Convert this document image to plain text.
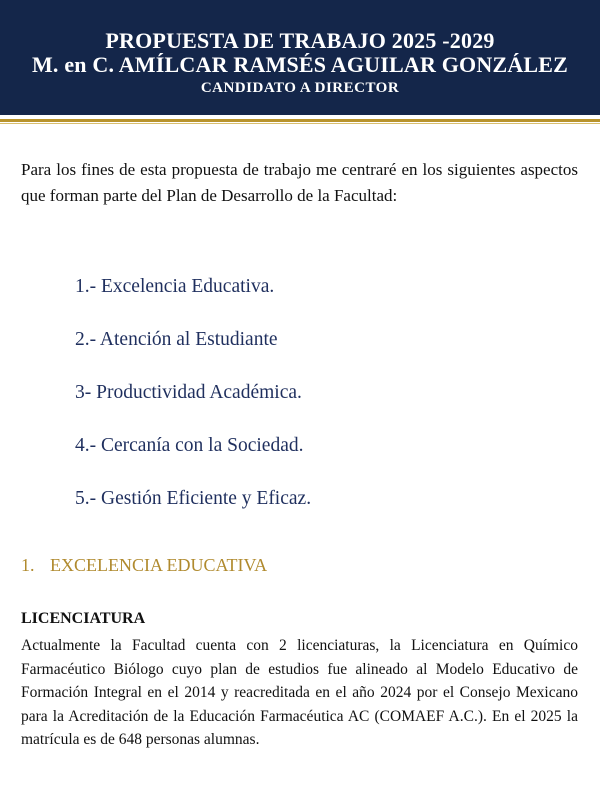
PROPUESTA DE TRABAJO 2025 -2029
M. en C. AMÍLCAR RAMSÉS AGUILAR GONZÁLEZ
CANDIDATO A DIRECTOR

Para los fines de esta propuesta de trabajo me centraré en los siguientes aspectos que forman parte del Plan de Desarrollo de la Facultad:

1.- Excelencia Educativa.
2.- Atención al Estudiante
3- Productividad Académica.
4.- Cercanía con la Sociedad.
5.- Gestión Eficiente y Eficaz.
1. EXCELENCIA EDUCATIVA
LICENCIATURA

Actualmente la Facultad cuenta con 2 licenciaturas, la Licenciatura en Químico Farmacéutico Biólogo cuyo plan de estudios fue alineado al Modelo Educativo de Formación Integral en el 2014 y reacreditada en el año 2024 por el Consejo Mexicano para la Acreditación de la Educación Farmacéutica AC (COMAEF A.C.). En el 2025 la matrícula es de 648 personas alumnas.
